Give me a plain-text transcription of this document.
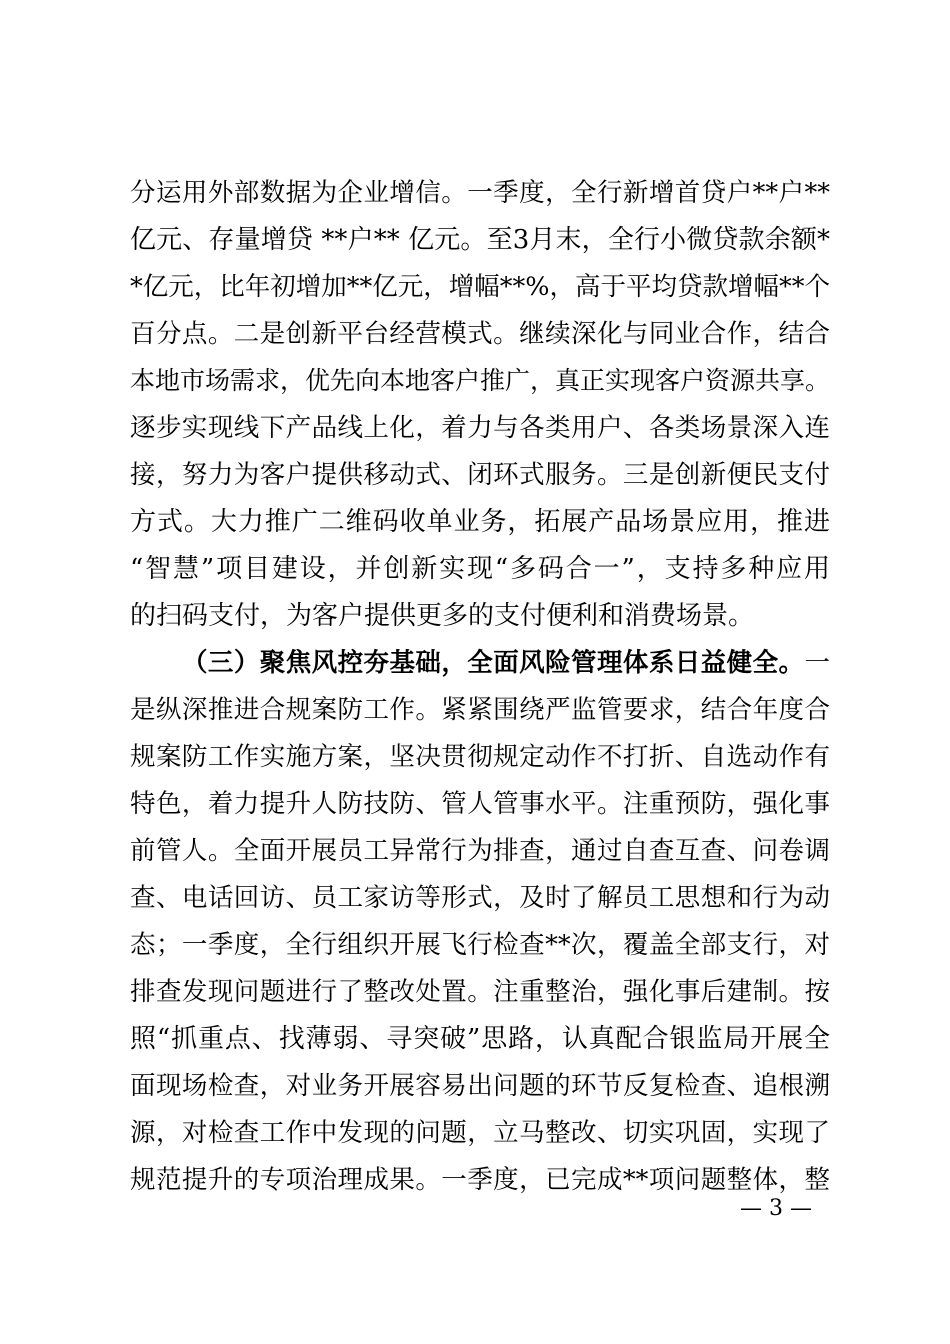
分运用外部数据为企业增信。一季度，全行新增首贷户**户**
亿元、存量增贷 **户** 亿元。至3月末，全行小微贷款余额*
*亿元，比年初增加**亿元，增幅**%，高于平均贷款增幅**个
百分点。二是创新平台经营模式。继续深化与同业合作，结合
本地市场需求，优先向本地客户推广，真正实现客户资源共享。
逐步实现线下产品线上化，着力与各类用户、各类场景深入连
接，努力为客户提供移动式、闭环式服务。三是创新便民支付
方式。大力推广二维码收单业务，拓展产品场景应用，推进
“智慧”项目建设，并创新实现“多码合一”，支持多种应用
的扫码支付，为客户提供更多的支付便利和消费场景。
（三）聚焦风控夯基础，全面风险管理体系日益健全。一
是纵深推进合规案防工作。紧紧围绕严监管要求，结合年度合
规案防工作实施方案，坚决贯彻规定动作不打折、自选动作有
特色，着力提升人防技防、管人管事水平。注重预防，强化事
前管人。全面开展员工异常行为排查，通过自查互查、问卷调
查、电话回访、员工家访等形式，及时了解员工思想和行为动
态；一季度，全行组织开展飞行检查**次，覆盖全部支行，对
排查发现问题进行了整改处置。注重整治，强化事后建制。按
照“抓重点、找薄弱、寻突破”思路，认真配合银监局开展全
面现场检查，对业务开展容易出问题的环节反复检查、追根溯
源，对检查工作中发现的问题，立马整改、切实巩固，实现了
规范提升的专项治理成果。一季度，已完成**项问题整体，整
— 3 —
